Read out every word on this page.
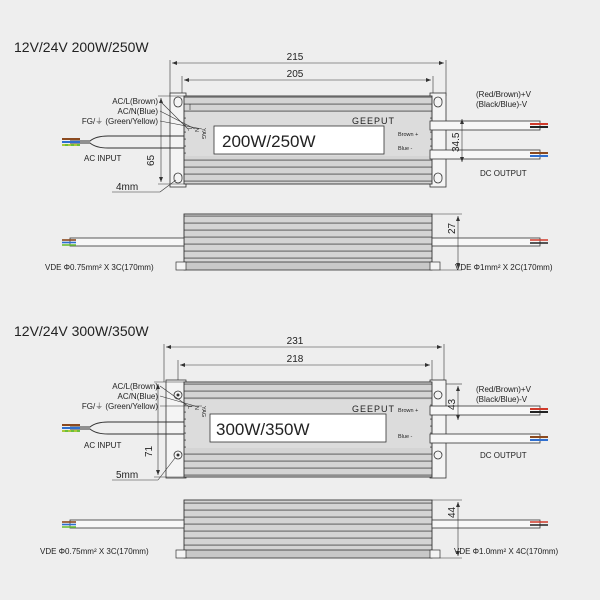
12V/24V 200W/250W
215
205
L N YAG 200W/250W
GEEPUT
Brown +
Blue -
65
4mm
AC/L(Brown)
AC/N(Blue)
FG/⏚ (Green/Yellow)
AC INPUT
(Red/Brown)+V
(Black/Blue)-V
DC OUTPUT
34.5
27
VDE Φ0.75mm² X 3C(170mm)	VDE Φ1mm² X 2C(170mm)
12V/24V 300W/350W
231
218
L N YAG
300W/350W
GEEPUT Brown +
Blue -
71
5mm
AC/L(Brown)
AC/N(Blue)
FG/⏚ (Green/Yellow)
AC INPUT
(Red/Brown)+V
(Black/Blue)-V
DC OUTPUT
43
44
VDE Φ0.75mm² X 3C(170mm)	VDE Φ1.0mm² X 4C(170mm)
